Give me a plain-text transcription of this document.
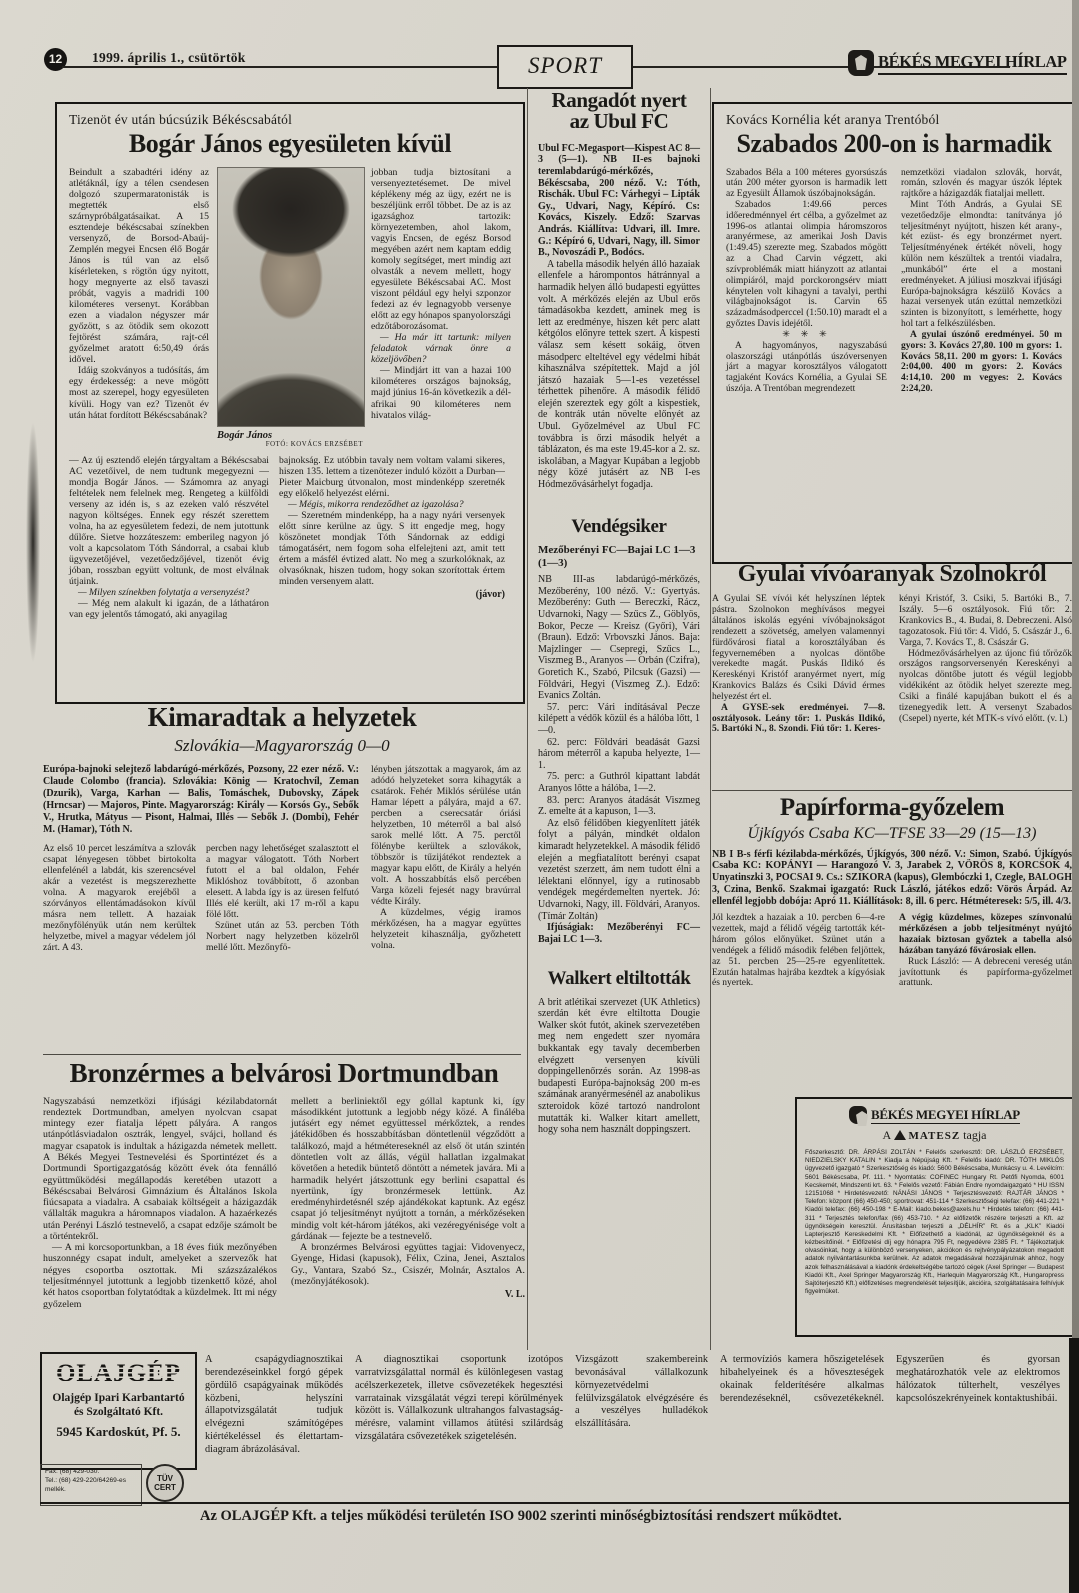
12	1999. április 1., csütörtök	SPORT	BÉKÉS MEGYEI HÍRLAP
Tizenöt év után búcsúzik Békéscsabától
Bogár János egyesületen kívül
Beindult a szabadtéri idény az atlétáknál, így a télen csendesen dolgozó szupermaratonisták is megtették első szárnypróbálgatásaikat. A 15 esztendeje békéscsabai színekben versenyző, de Borsod-Abaúj-Zemplén megyei Encsen élő Bogár János is túl van az első kísérleteken, s rögtön úgy nyitott, hogy megnyerte az első tavaszi próbát, vagyis a madridi 100 kilométeres versenyt. Korábban ezen a viadalon négyszer már győzött, s az ötödik sem okozott fejtörést számára, rajt-cél győzelmet aratott 6:50,49 órás idővel.
Idáig szokványos a tudósítás, ám egy érdekesség: a neve mögött most az szerepel, hogy egyesületen kívüli. Hogy van ez? Tizenöt év után hátat fordított Békéscsabának?
Bogár János
FOTÓ: KOVÁCS ERZSÉBET
jobban tudja biztosítani a versenyeztetésemet. De mivel képlékeny még az ügy, ezért ne is beszéljünk erről többet. De az is az igazsághoz tartozik: környezetemben, ahol lakom, vagyis Encsen, de egész Borsod megyében azért nem kaptam eddig komoly segítséget, mert mindig azt olvasták a nevem mellett, hogy egyesülete Békéscsabai AC. Most viszont például egy helyi szponzor fedezi az év legnagyobb versenye előtt az egy hónapos spanyolországi edzőtáborozásomat.
— Ha már itt tartunk: milyen feladatok várnak önre a közeljövőben?
— Mindjárt itt van a hazai 100 kilométeres országos bajnokság, majd június 16-án következik a dél-afrikai 90 kilométeres nem hivatalos világ-
— Az új esztendő elején tárgyaltam a Békéscsabai AC vezetőivel, de nem tudtunk megegyezni — mondja Bogár János. — Számomra az anyagi feltételek nem felelnek meg. Rengeteg a külföldi verseny az idén is, s az ezeken való részvétel nagyon költséges. Ennek egy részét szerettem volna, ha az egyesületem fedezi, de nem jutottunk dűlőre. Sietve hozzáteszem: emberileg nagyon jó volt a kapcsolatom Tóth Sándorral, a csabai klub ügyvezetőjével, vezetőedzőjével, tizenöt évig jóban, rosszban együtt voltunk, de most elválnak útjaink.
— Milyen színekben folytatja a versenyzést?
— Még nem alakult ki igazán, de a láthatáron van egy jelentős támogató, aki anyagilag
bajnokság. Ez utóbbin tavaly nem voltam valami sikeres, hiszen 135. lettem a tizenötezer induló között a Durban—Pieter Maicburg útvonalon, most mindenképp szeretnék egy előkelő helyezést elérni.
— Mégis, mikorra rendeződhet az igazolása?
— Szeretném mindenképp, ha a nagy nyári versenyek előtt sínre kerülne az ügy. S itt engedje meg, hogy köszönetet mondjak Tóth Sándornak az eddigi támogatásért, nem fogom soha elfelejteni azt, amit tett értem a másfél évtized alatt. No meg a szurkolóknak, az olvasóknak, hiszen tudom, hogy sokan szorítottak értem minden versenyem alatt.
(jávor)
Rangadót nyert
az Ubul FC
Ubul FC-Megasport—Kispest AC 8—3 (5—1). NB II-es bajnoki teremlabdarúgó-mérkőzés, Békéscsaba, 200 néző. V.: Tóth, Rischák. Ubul FC: Várhegyi – Lipták Gy., Udvari, Nagy, Képíró. Cs: Kovács, Kiszely. Edző: Szarvas András. Kiállítva: Udvari, ill. Imre. G.: Képíró 6, Udvari, Nagy, ill. Simor B., Novoszádi P., Bodócs.
A tabella második helyén álló hazaiak ellenfele a hárompontos hátránnyal a harmadik helyen álló budapesti együttes volt. A mérkőzés elején az Ubul erős támadásokba kezdett, aminek meg is lett az eredménye, hiszen két perc alatt kétgólos előnyre tettek szert. A kispesti válasz sem késett sokáig, ötven másodperc elteltével egy védelmi hibát kihasználva szépítettek. Majd a jól játszó hazaiak 5—1-es vezetéssel térhettek pihenőre. A második félidő elején szereztek egy gólt a kispestiek, de kontrák után növelte előnyét az Ubul. Győzelmével az Ubul FC továbbra is őrzi második helyét a táblázaton, és ma este 19.45-kor a 2. sz. iskolában, a Magyar Kupában a legjobb négy közé jutásért az NB I-es Hódmezővásárhelyt fogadja.
Vendégsiker
Mezőberényi FC—Bajai LC 1—3 (1—3)
NB III-as labdarúgó-mérkőzés, Mezőberény, 100 néző. V.: Gyertyás. Mezőberény: Guth — Bereczki, Rácz, Udvarnoki, Nagy — Szűcs Z., Göblyös, Bokor, Pecze — Kreisz (Győri), Vári (Braun). Edző: Vrbovszki János. Baja: Majzlinger — Csepregi, Szűcs L., Viszmeg B., Aranyos — Orbán (Czifra), Goretich K., Szabó, Pilcsuk (Gazsi) — Földvári, Hegyi (Viszmeg Z.). Edző: Evanics Zoltán.
57. perc: Vári indításával Pecze kilépett a védők közül és a hálóba lőtt, 1—0.
62. perc: Földvári beadását Gazsi három méterről a kapuba helyezte, 1—1.
75. perc: a Guthról kipattant labdát Aranyos lőtte a hálóba, 1—2.
83. perc: Aranyos átadását Viszmeg Z. emelte át a kapuson, 1—3.
Az első félidőben kiegyenlített játék folyt a pályán, mindkét oldalon kimaradt helyzetekkel. A második félidő elején a megfiatalított berényi csapat vezetést szerzett, ám nem tudott élni a lélektani előnnyel, így a rutinosabb vendégek megérdemelten nyertek. Jó: Udvarnoki, Nagy, ill. Földvári, Aranyos. (Tímár Zoltán)
Ifjúságiak: Mezőberényi FC—Bajai LC 1—3.
Walkert eltiltották
A brit atlétikai szervezet (UK Athletics) szerdán két évre eltiltotta Dougie Walker skót futót, akinek szervezetében meg nem engedett szer nyomára bukkantak egy tavaly decemberben elvégzett versenyen kívüli doppingellenőrzés során. Az 1998-as budapesti Európa-bajnokság 200 m-es számának aranyérmesénél az anabolikus szteroidok közé tartozó nandrolont mutatták ki. Walker kitart amellett, hogy soha nem használt doppingszert.
Kovács Kornélia két aranya Trentóból
Szabados 200-on is harmadik
Szabados Béla a 100 méteres gyorsúszás után 200 méter gyorson is harmadik lett az Egyesült Államok úszóbajnokságán.
Szabados 1:49.66 perces időeredménnyel ért célba, a győzelmet az 1996-os atlantai olimpia háromszoros aranyérmese, az amerikai Josh Davis (1:49.45) szerezte meg. Szabados mögött az a Chad Carvin végzett, aki szívproblémák miatt hiányzott az atlantai olimpiáról, majd porckorongsérv miatt kénytelen volt kihagyni a tavalyi, perthi világbajnokságot is. Carvin 65 századmásodperccel (1:50.10) maradt el a győztes Davis idejétől.
✳ ✳ ✳
A hagyományos, nagyszabású olaszországi utánpótlás úszóversenyen járt a magyar korosztályos válogatott tagjaként Kovács Kornélia, a Gyulai SE úszója. A Trentóban megrendezett
nemzetközi viadalon szlovák, horvát, román, szlovén és magyar úszók léptek rajtkőre a házigazdák fiataljai mellett.
Mint Tóth András, a Gyulai SE vezetőedzője elmondta: tanítványa jó teljesítményt nyújtott, hiszen két arany-, két ezüst- és egy bronzérmet nyert. Teljesítményének értékét növeli, hogy külön nem készültek a trentói viadalra, „munkából” érte el a mostani eredményeket. A júliusi moszkvai ifjúsági Európa-bajnokságra készülő Kovács a hazai versenyek után ezúttal nemzetközi szinten is bizonyított, s lemérhette, hogy hol tart a felkészülésben.
A gyulai úszónő eredményei. 50 m gyors: 3. Kovács 27,80. 100 m gyors: 1. Kovács 58,11. 200 m gyors: 1. Kovács 2:04,00. 400 m gyors: 2. Kovács 4:14,10. 200 m vegyes: 2. Kovács 2:24,20.
Gyulai vívóaranyak Szolnokról
A Gyulai SE vívói két helyszínen léptek pástra. Szolnokon meghívásos megyei általános iskolás egyéni vívóbajnokságot rendezett a szövetség, amelyen valamennyi fürdővárosi fiatal a korosztályában és fegyvernemében a nyolcas döntőbe verekedte magát. Puskás Ildikó és Kereskényi Kristóf aranyérmet nyert, míg Krankovics Balázs és Csiki Dávid érmes helyezést ért el.
A GYSE-sek eredményei. 7—8. osztályosok. Leány tőr: 1. Puskás Ildikó, 5. Bartóki N., 8. Szondi. Fiú tőr: 1. Keres-
kényi Kristóf, 3. Csiki, 5. Bartóki B., 7. Iszály. 5—6 osztályosok. Fiú tőr: 2. Krankovics B., 4. Budai, 8. Debreczeni. Alsó tagozatosok. Fiú tőr: 4. Vidó, 5. Császár J., 6. Varga, 7. Kovács T., 8. Császár G.
Hódmezővásárhelyen az újonc fiú tőrözők országos rangsorversenyén Kereskényi a nyolcas döntőbe jutott és végül legjobb vidékiként az ötödik helyet szerezte meg. Csiki a finálé kapujában bukott el és a tizenegyedik lett. A versenyt Szabados (Csepel) nyerte, két MTK-s vívó előtt. (v. l.)
Papírforma-győzelem
Újkígyós Csaba KC—TFSE 33—29 (15—13)
NB I B-s férfi kézilabda-mérkőzés, Újkígyós, 300 néző. V.: Simon, Szabó. Újkígyós Csaba KC: KOPÁNYI — Harangozó V. 3, Jarabek 2, VÖRÖS 8, KORCSOK 4, Unyatinszki 3, POCSAI 9. Cs.: SZIKORA (kapus), Glembóczki 1, Czegle, BALOGH 3, Czina, Benkő. Szakmai igazgató: Ruck László, játékos edző: Vörös Árpád. Az ellenfél legjobb dobója: Apró 11. Kiállítások: 8, ill. 6 perc. Hétméteresek: 5/5, ill. 4/3.
Jól kezdtek a hazaiak a 10. percben 6—4-re vezettek, majd a félidő végéig tartották két-három gólos előnyüket. Szünet után a vendégek a félidő második felében feljöttek, az 51. percben 25—25-re egyenlítettek. Ezután hatalmas hajrába kezdtek a kígyósiak és nyertek.
A végig küzdelmes, közepes színvonalú mérkőzésen a jobb teljesítményt nyújtó hazaiak biztosan győztek a tabella alsó házában tanyázó fővárosiak ellen.
Ruck László: — A debreceni vereség után javítottunk és papírforma-győzelmet arattunk.
Kimaradtak a helyzetek
Szlovákia—Magyarország 0—0
Európa-bajnoki selejtező labdarúgó-mérkőzés, Pozsony, 22 ezer néző. V.: Claude Colombo (francia). Szlovákia: König — Kratochvíl, Zeman (Dzurik), Varga, Karhan — Balis, Tomáschek, Dubovsky, Zápek (Hrncsar) — Majoros, Pinte. Magyarország: Király — Korsós Gy., Sebők V., Hrutka, Mátyus — Pisont, Halmai, Illés — Sebők J. (Dombi), Fehér M. (Hamar), Tóth N.
Az első 10 percet leszámítva a szlovák csapat lényegesen többet birtokolta ellenfelénél a labdát, kis szerencsével akár a vezetést is megszerezhette volna. A magyarok erejéből a szórványos ellentámadásokon kívül másra nem tellett. A hazaiak mezőnyfölényük után nem kerültek helyzetbe, mivel a magyar védelem jól zárt. A 43.
percben nagy lehetőséget szalasztott el a magyar válogatott. Tóth Norbert futott el a bal oldalon, Fehér Miklóshoz továbbított, ő azonban elesett. A labda így is az üresen felfutó Illés elé került, aki 17 m-ről a kapu fölé lőtt.
Szünet után az 53. percben Tóth Norbert nagy helyzetben közelről mellé lőtt. Mezőnyfö-
lényben játszottak a magyarok, ám az adódó helyzeteket sorra kihagyták a csatárok. Fehér Miklós sérülése után Hamar lépett a pályára, majd a 67. percben a cserecsatár óriási helyzetben, 10 méterről a bal alsó sarok mellé lőtt. A 75. perctől fölénybe kerültek a szlovákok, többször is tűzijátékot rendeztek a magyar kapu előtt, de Király a helyén volt. A hosszabbítás első percében Varga közeli fejesét nagy bravúrral védte Király.
A küzdelmes, végig iramos mérkőzésen, ha a magyar együttes helyzeteit kihasználja, győzhetett volna.
Bronzérmes a belvárosi Dortmundban
Nagyszabású nemzetközi ifjúsági kézilabdatornát rendeztek Dortmundban, amelyen nyolcvan csapat mintegy ezer fiatalja lépett pályára. A rangos utánpótlásviadalon osztrák, lengyel, svájci, holland és magyar csapatok is indultak a házigazda németek mellett. A Békés Megyei Testnevelési és Sportintézet és a Dortmundi Sportigazgatóság között évek óta fennálló együttműködési megállapodás keretében utazott a Békéscsabai Belvárosi Gimnázium és Általános Iskola fiúcsapata a viadalra. A csabaiak költségeit a házigazdák vállalták magukra a háromnapos viadalon. A hazaérkezés után Perényi László testnevelő, a csapat edzője számolt be a történtekről.
— A mi korcsoportunkban, a 18 éves fiúk mezőnyében huszonnégy csapat indult, amelyeket a szervezők hat négyes csoportba osztottak. Mi százszázalékos teljesítménnyel jutottunk a legjobb tizenkettő közé, ahol két hatos csoportban folytatódtak a küzdelmek. Itt mi négy győzelem
mellett a berliniektől egy góllal kaptunk ki, így másodikként jutottunk a legjobb négy közé. A fináléba jutásért egy német együttessel mérkőztek, a rendes játékidőben és hosszabbításban döntetlenül végződött a találkozó, majd a hétmétereseknél az első öt után szintén döntetlen volt az állás, végül hallatlan izgalmakat követően a hetedik büntető döntött a németek javára. Mi a harmadik helyért játszottunk egy berlini csapattal és nyertünk, így bronzérmesek lettünk. Az eredményhirdetésnél szép ajándékokat kaptunk. Az egész csapat jó teljesítményt nyújtott a tornán, a mérkőzéseken mindig volt két-három játékos, aki vezéregyénisége volt a gárdának — fejezte be a testnevelő.
A bronzérmes Belvárosi együttes tagjai: Vidovenyecz, Gyenge, Hidasi (kapusok), Félix, Czina, Jenei, Asztalos Gy., Vantara, Szabó Sz., Csiszér, Molnár, Asztalos A. (mezőnyjátékosok).
V. L.
BÉKÉS MEGYEI HÍRLAP
A MATESZ tagja
Főszerkesztő: DR. ÁRPÁSI ZOLTÁN * Felelős szerkesztő: DR. LÁSZLÓ ERZSÉBET, NIEDZIELSKY KATALIN * Kiadja a Népújság Kft. * Felelős kiadó: DR. TÓTH MIKLÓS ügyvezető igazgató * Szerkesztőség és kiadó: 5600 Békéscsaba, Munkácsy u. 4. Levélcím: 5601 Békéscsaba, Pf. 111. * Nyomtatás: COFINEC Hungary Rt. Petőfi Nyomda, 6001 Kecskemét, Mindszenti krt. 63. * Felelős vezető: Fábián Endre nyomdaigazgató * HU ISSN 12151068 * Hirdetésvezető: NÁNÁSI JÁNOS * Terjesztésvezető: RAJTÁR JÁNOS * Telefon: központ (66) 450-450; sportrovat: 451-114 * Szerkesztőségi telefax: (66) 441-221 * Kiadói telefax: (66) 450-198 * E-Mail: kiado.bekes@axels.hu * Hirdetés telefon: (66) 441-311 * Terjesztés telefon/fax (66) 453-710. * Az előfizetők részére terjeszti a Kft. az ügynökségein keresztül. Árusításban terjeszti a „DÉLHÍR” Rt. és a „KLK” Kiadói Lapterjesztő Kereskedelmi Kft. * Előfizethető a kiadónál, az ügynökségeknél és a kézbesítőinél. * Előfizetési díj egy hónapra 795 Ft, negyedévre 2385 Ft. * Tájékoztatjuk olvasóinkat, hogy a különböző versenyeken, akciókon és rejtvénypályázatokon megadott adatok nyilvántartásunkba kerülnek. Az adatok megadásával hozzájárulnak ahhoz, hogy azok felhasználásával a kiadónk érdekeltségébe tartozó cégek (Axel Springer — Budapest Kiadói Kft., Axel Springer Magyarország Kft., Harlequin Magyarország Kft., Hungaropress Sajtóterjesztő Kft.) előfizetéses megrendelését teljesítjük, akcióira, szolgáltatásaira felhívjuk figyelmüket.
OLAJGÉP
Olajgép Ipari Karbantartó
és Szolgáltató Kft.
5945 Kardoskút, Pf. 5.
Fax: (68) 429-030.
Tel.: (68) 429-220/64269-es mellék.
TÜV
CERT
A csapágydiagnosztikai berendezéseinkkel forgó gépek gördülő csapágyainak működés közbeni, helyszíni állapotvizsgálatát tudjuk elvégezni számítógépes kiértékeléssel és élettartam-diagram ábrázolásával.
A diagnosztikai csoportunk izotópos varratvizsgálattal normál és különlegesen vastag acélszerkezetek, illetve csővezetékek hegesztési varratainak vizsgálatát végzi terepi körülmények között is. Vállalkozunk ultrahangos falvastagság-mérésre, valamint villamos átütési szilárdság vizsgálatára csővezetékek szigetelésén.
Vizsgázott szakembereink bevonásával vállalkozunk környezetvédelmi felülvizsgálatok elvégzésére és a veszélyes hulladékok elszállítására.
A termovíziós kamera hőszigetelések hibahelyeinek és a hőveszteségek okainak felderítésére alkalmas berendezéseknél, csővezetékeknél. Egyszerűen és gyorsan meghatározhatók vele az elektromos hálózatok túlterhelt, veszélyes kapcsolószekrényeinek kontaktushibái.
Az OLAJGÉP Kft. a teljes működési területén ISO 9002 szerinti minőségbiztosítási rendszert működtet.
